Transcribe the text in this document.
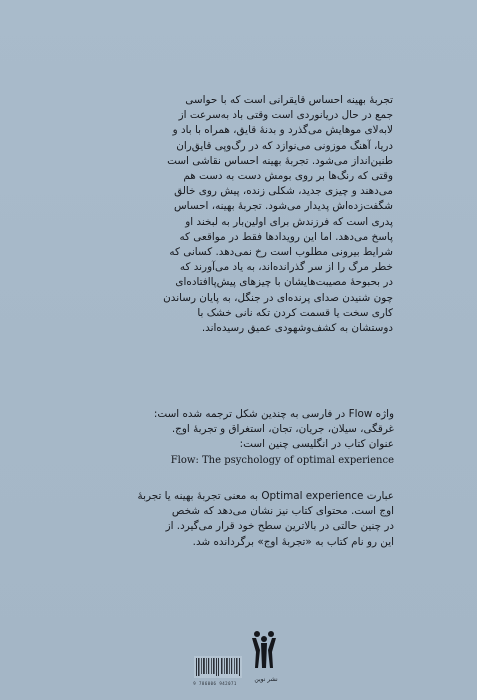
تجربهٔ بهینه احساس قایقرانی است که با حواسی
جمع در حال دریانوردی است وقتی باد به‌سرعت از
لابه‌لای موهایش می‌گذرد و بدنهٔ قایق، همراه با باد و
دریا، آهنگ موزونی می‌نوازد که در رگ‌وپی قایق‌ران
طنین‌انداز می‌شود. تجربهٔ بهینه احساس نقاشی است
وقتی که رنگ‌ها بر روی بومش دست به دست هم
می‌دهند و چیزی جدید، شکلی زنده، پیش روی خالق
شگفت‌زده‌اش پدیدار می‌شود. تجربهٔ بهینه، احساس
پدری است که فرزندش برای اولین‌بار به لبخند او
پاسخ می‌دهد. اما این رویدادها فقط در مواقعی که
شرایط بیرونی مطلوب است رخ نمی‌دهد. کسانی که
خطر مرگ را از سر گذرانده‌اند، به یاد می‌آورند که
در بحبوحهٔ مصیبت‌هایشان با چیزهای پیش‌پاافتاده‌ای
چون شنیدن صدای پرنده‌ای در جنگل، به پایان رساندن
کاری سخت یا قسمت کردن تکه نانی خشک با
دوستشان به کشف‌وشهودی عمیق رسیده‌اند.
واژه Flow در فارسی به چندین شکل ترجمه شده است:
غرقگی، سیلان، جریان، تجان، استغراق و تجربهٔ اوج.
عنوان کتاب در انگلیسی چنین است:
Flow: The psychology of optimal experience
عبارت Optimal experience به معنی تجربهٔ بهینه یا تجربهٔ
اوج است. محتوای کتاب نیز نشان می‌دهد که شخص
در چنین حالتی در بالاترین سطح خود قرار می‌گیرد. از
این رو نام کتاب به «تجربهٔ اوج» برگردانده شد.
9 786006 942071
نشر نوین
